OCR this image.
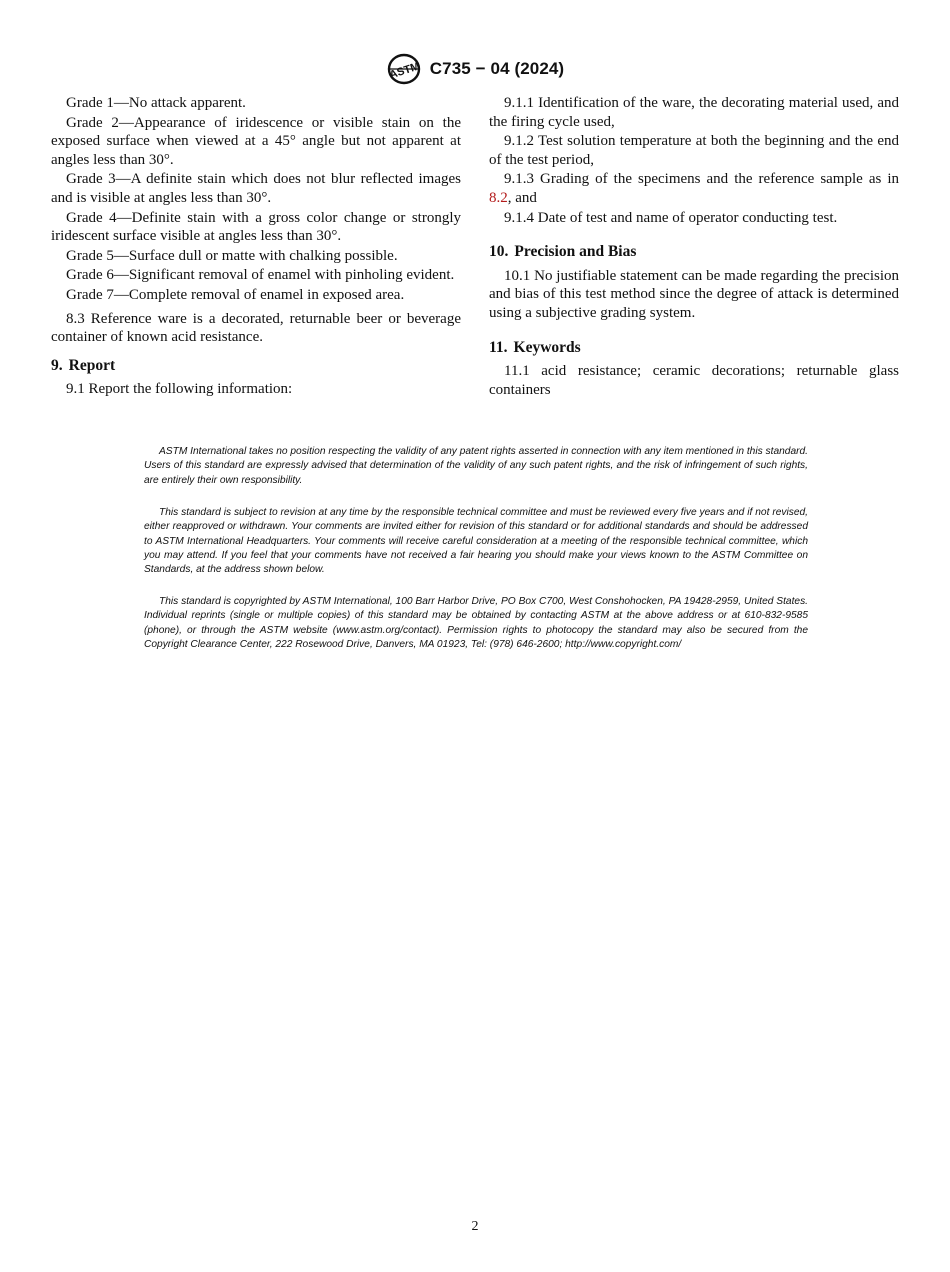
ASTM C735 − 04 (2024)

Grade 1—No attack apparent.

Grade 2—Appearance of iridescence or visible stain on the exposed surface when viewed at a 45° angle but not apparent at angles less than 30°.

Grade 3—A definite stain which does not blur reflected images and is visible at angles less than 30°.

Grade 4—Definite stain with a gross color change or strongly iridescent surface visible at angles less than 30°.

Grade 5—Surface dull or matte with chalking possible.

Grade 6—Significant removal of enamel with pinholing evident.

Grade 7—Complete removal of enamel in exposed area.

8.3 Reference ware is a decorated, returnable beer or beverage container of known acid resistance.

9. Report

9.1 Report the following information:

9.1.1 Identification of the ware, the decorating material used, and the firing cycle used,

9.1.2 Test solution temperature at both the beginning and the end of the test period,

9.1.3 Grading of the specimens and the reference sample as in 8.2, and

9.1.4 Date of test and name of operator conducting test.

10. Precision and Bias

10.1 No justifiable statement can be made regarding the precision and bias of this test method since the degree of attack is determined using a subjective grading system.

11. Keywords

11.1 acid resistance; ceramic decorations; returnable glass containers

ASTM International takes no position respecting the validity of any patent rights asserted in connection with any item mentioned in this standard. Users of this standard are expressly advised that determination of the validity of any such patent rights, and the risk of infringement of such rights, are entirely their own responsibility.

This standard is subject to revision at any time by the responsible technical committee and must be reviewed every five years and if not revised, either reapproved or withdrawn. Your comments are invited either for revision of this standard or for additional standards and should be addressed to ASTM International Headquarters. Your comments will receive careful consideration at a meeting of the responsible technical committee, which you may attend. If you feel that your comments have not received a fair hearing you should make your views known to the ASTM Committee on Standards, at the address shown below.

This standard is copyrighted by ASTM International, 100 Barr Harbor Drive, PO Box C700, West Conshohocken, PA 19428-2959, United States. Individual reprints (single or multiple copies) of this standard may be obtained by contacting ASTM at the above address or at 610-832-9585 (phone), or through the ASTM website (www.astm.org/contact). Permission rights to photocopy the standard may also be secured from the Copyright Clearance Center, 222 Rosewood Drive, Danvers, MA 01923, Tel: (978) 646-2600; http://www.copyright.com/

2
